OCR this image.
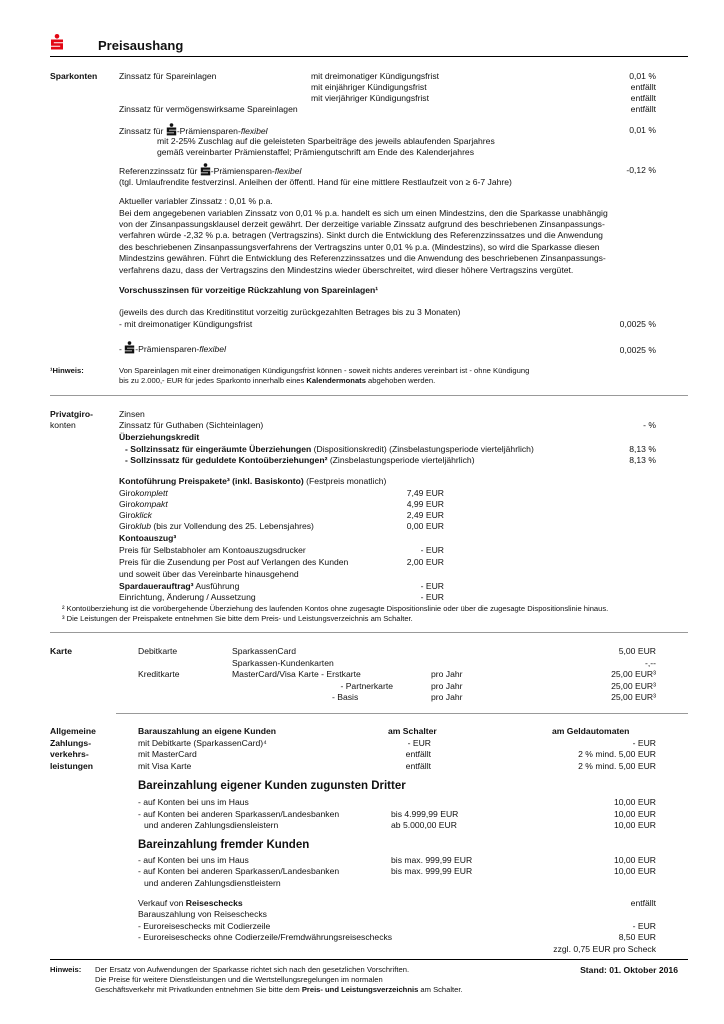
Preisaushang
Sparkonten	Zinssatz für Spareinlagen	mit dreimonatiger Kündigungsfrist	0,01 %
mit einjähriger Kündigungsfrist	entfällt
mit vierjähriger Kündigungsfrist	entfällt
Zinssatz für vermögenswirksame Spareinlagen	entfällt
Zinssatz für -Prämiensparen-flexibel	0,01 %
mit 2-25% Zuschlag auf die geleisteten Sparbeiträge des jeweils ablaufenden Sparjahres
gemäß vereinbarter Prämienstaffel; Prämiengutschrift am Ende des Kalenderjahres
Referenzzinssatz für -Prämiensparen-flexibel	-0,12 %
(tgl. Umlaufrendite festverzinsl. Anleihen der öffentl. Hand für eine mittlere Restlaufzeit von ≥ 6-7 Jahre)
Aktueller variabler Zinssatz : 0,01 % p.a.
Bei dem angegebenen variablen Zinssatz von 0,01 % p.a. handelt es sich um einen Mindestzins, den die Sparkasse unabhängig
von der Zinsanpassungsklausel derzeit gewährt. Der derzeitige variable Zinssatz aufgrund des beschriebenen Zinsanpassungs-
verfahren würde -2,32 % p.a. betragen (Vertragszins). Sinkt durch die Entwicklung des Referenzzinssatzes und die Anwendung
des beschriebenen Zinsanpassungsverfahrens der Vertragszins unter 0,01 % p.a. (Mindestzins), so wird die Sparkasse diesen
Mindestzins gewähren. Führt die Entwicklung des Referenzzinssatzes und die Anwendung des beschriebenen Zinsanpassungs-
verfahrens dazu, dass der Vertragszins den Mindestzins wieder überschreitet, wird dieser höhere Vertragszins vergütet.
Vorschusszinsen für vorzeitige Rückzahlung von Spareinlagen¹
(jeweils des durch das Kreditinstitut vorzeitig zurückgezahlten Betrages bis zu 3 Monaten)
- mit dreimonatiger Kündigungsfrist	0,0025 %
- -Prämiensparen-flexibel	0,0025 %
¹Hinweis:	Von Spareinlagen mit einer dreimonatigen Kündigungsfrist können - soweit nichts anderes vereinbart ist - ohne Kündigung
bis zu 2.000,- EUR für jedes Sparkonto innerhalb eines Kalendermonats abgehoben werden.
Privatgiro-
konten
Zinsen
Zinssatz für Guthaben (Sichteinlagen)	- %
Überziehungskredit
- Sollzinssatz für eingeräumte Überziehungen (Dispositionskredit) (Zinsbelastungsperiode vierteljährlich)	8,13 %
- Sollzinssatz für geduldete Kontoüberziehungen² (Zinsbelastungsperiode vierteljährlich)	8,13 %
Kontoführung Preispakete³ (inkl. Basiskonto) (Festpreis monatlich)
Girokomplett	7,49 EUR
Girokompakt	4,99 EUR
Giroklick	2,49 EUR
Giroklub (bis zur Vollendung des 25. Lebensjahres)	0,00 EUR
Kontoauszug³
Preis für Selbstabholer am Kontoauszugsdrucker	- EUR
Preis für die Zusendung per Post auf Verlangen des Kunden	2,00 EUR
und soweit über das Vereinbarte hinausgehend
Spardauerauftrag³ Ausführung	- EUR
Einrichtung, Änderung / Aussetzung	- EUR
² Kontoüberziehung ist die vorübergehende Überziehung des laufenden Kontos ohne zugesagte Dispositionslinie oder über die zugesagte Dispositionslinie hinaus.
³ Die Leistungen der Preispakete entnehmen Sie bitte dem Preis- und Leistungsverzeichnis am Schalter.
Karte	Debitkarte	SparkassenCard	5,00 EUR
Sparkassen-Kundenkarten	-,--
Kreditkarte	MasterCard/Visa Karte - Erstkarte	pro Jahr	25,00 EUR³
- Partnerkarte	pro Jahr	25,00 EUR³
- Basis	pro Jahr	25,00 EUR³
Allgemeine
Zahlungs-
verkehrs-
leistungen
Barauszahlung an eigene Kunden	am Schalter	am Geldautomaten
mit Debitkarte (SparkassenCard)⁴	- EUR	- EUR
mit MasterCard	entfällt	2 % mind. 5,00 EUR
mit Visa Karte	entfällt	2 % mind. 5,00 EUR
Bareinzahlung eigener Kunden zugunsten Dritter
- auf Konten bei uns im Haus	10,00 EUR
- auf Konten bei anderen Sparkassen/Landesbanken	bis 4.999,99 EUR	10,00 EUR
und anderen Zahlungsdiensleistern	ab 5.000,00 EUR	10,00 EUR
Bareinzahlung fremder Kunden
- auf Konten bei uns im Haus	bis max. 999,99 EUR	10,00 EUR
- auf Konten bei anderen Sparkassen/Landesbanken	bis max. 999,99 EUR	10,00 EUR
und anderen Zahlungsdienstleistern
Verkauf von Reiseschecks	entfällt
Barauszahlung von Reiseschecks
- Euroreiseschecks mit Codierzeile	- EUR
- Euroreiseschecks ohne Codierzeile/Fremdwährungsreiseschecks	8,50 EUR
zzgl. 0,75 EUR pro Scheck
Hinweis: Der Ersatz von Aufwendungen der Sparkasse richtet sich nach den gesetzlichen Vorschriften.
Die Preise für weitere Dienstleistungen und die Wertstellungsregelungen im normalen
Geschäftsverkehr mit Privatkunden entnehmen Sie bitte dem Preis- und Leistungsverzeichnis am Schalter.
Stand: 01. Oktober 2016
